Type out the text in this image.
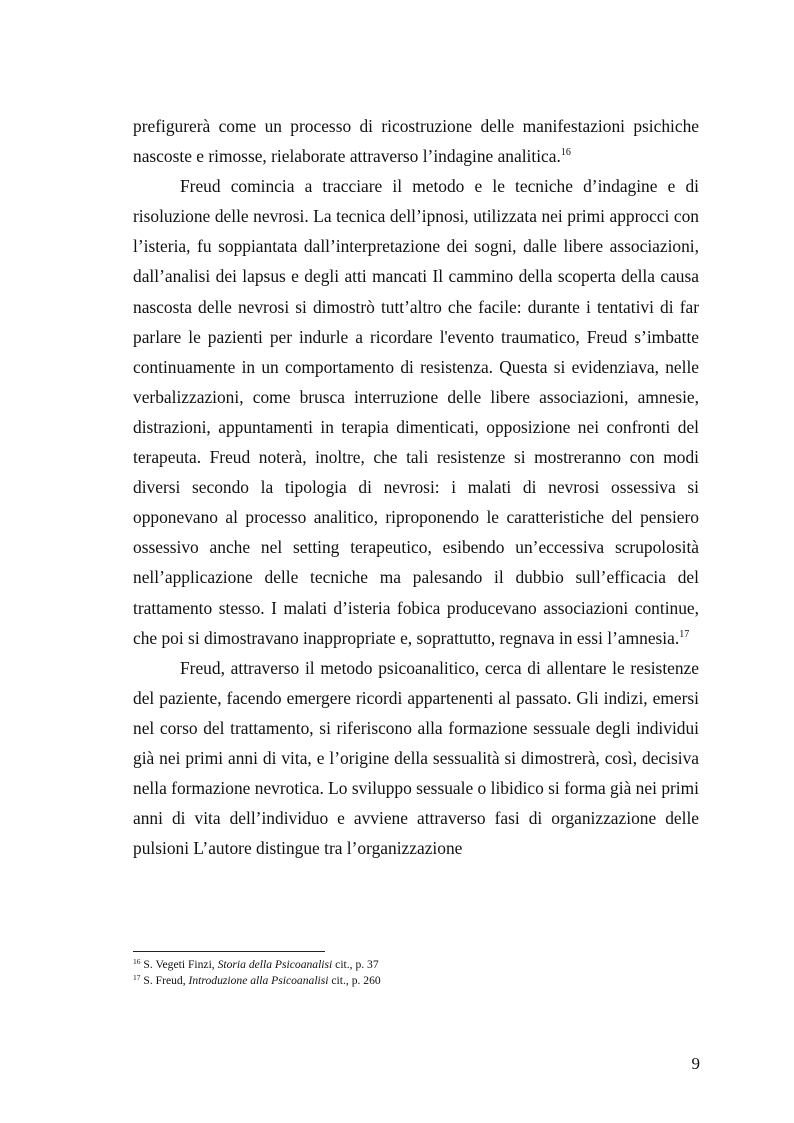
prefigurerà come un processo di ricostruzione delle manifestazioni psichiche nascoste e rimosse, rielaborate attraverso l’indagine analitica.$^{16}$

Freud comincia a tracciare il metodo e le tecniche d’indagine e di risoluzione delle nevrosi. La tecnica dell’ipnosi, utilizzata nei primi approcci con l’isteria, fu soppiantata dall’interpretazione dei sogni, dalle libere associazioni, dall’analisi dei lapsus e degli atti mancati Il cammino della scoperta della causa nascosta delle nevrosi si dimostrò tutt’altro che facile: durante i tentativi di far parlare le pazienti per indurle a ricordare l'evento traumatico, Freud s’imbatte continuamente in un comportamento di resistenza. Questa si evidenziava, nelle verbalizzazioni, come brusca interruzione delle libere associazioni, amnesie, distrazioni, appuntamenti in terapia dimenticati, opposizione nei confronti del terapeuta. Freud noterà, inoltre, che tali resistenze si mostreranno con modi diversi secondo la tipologia di nevrosi: i malati di nevrosi ossessiva si opponevano al processo analitico, riproponendo le caratteristiche del pensiero ossessivo anche nel setting terapeutico, esibendo un’eccessiva scrupolosità nell’applicazione delle tecniche ma palesando il dubbio sull’efficacia del trattamento stesso. I malati d’isteria fobica producevano associazioni continue, che poi si dimostravano inappropriate e, soprattutto, regnava in essi l’amnesia.$^{17}$

Freud, attraverso il metodo psicoanalitico, cerca di allentare le resistenze del paziente, facendo emergere ricordi appartenenti al passato. Gli indizi, emersi nel corso del trattamento, si riferiscono alla formazione sessuale degli individui già nei primi anni di vita, e l’origine della sessualità si dimostrerà, così, decisiva nella formazione nevrotica. Lo sviluppo sessuale o libidico si forma già nei primi anni di vita dell’individuo e avviene attraverso fasi di organizzazione delle pulsioni L’autore distingue tra l’organizzazione

$^{16}$ S. Vegeti Finzi, Storia della Psicoanalisi cit., p. 37
$^{17}$ S. Freud, Introduzione alla Psicoanalisi cit., p. 260
9
